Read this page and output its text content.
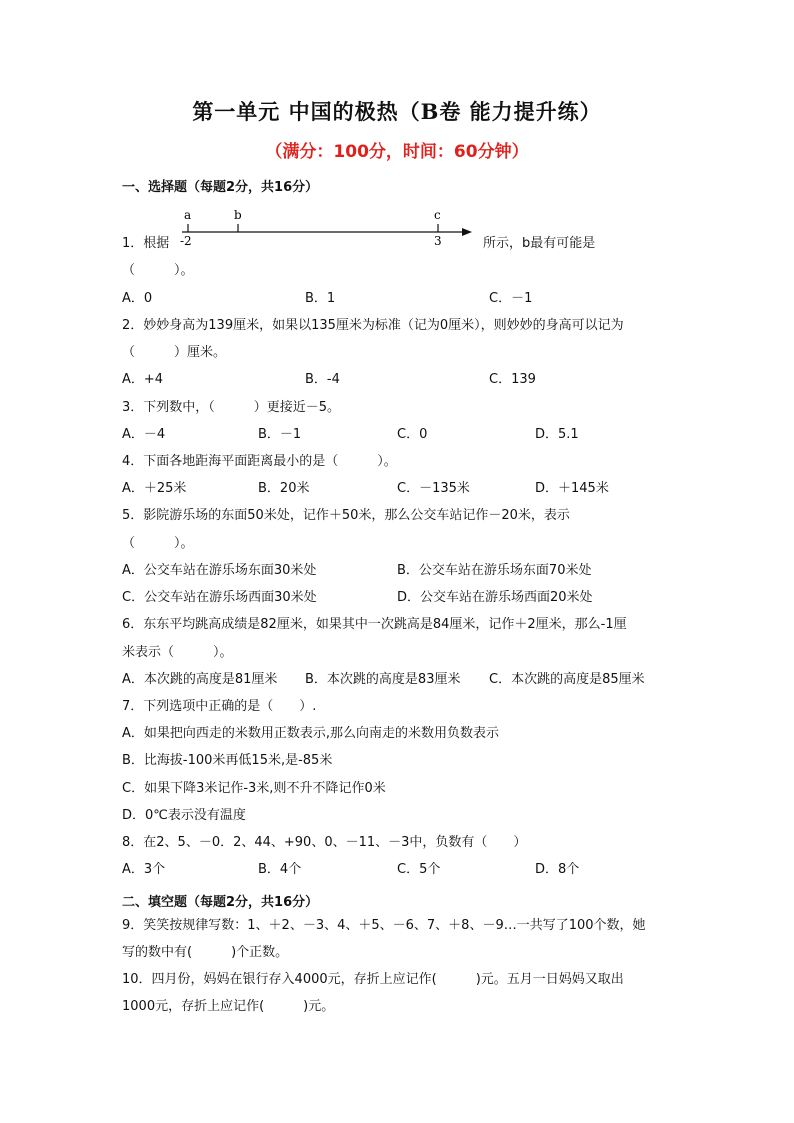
第一单元 中国的极热（B卷 能力提升练）
（满分：100分，时间：60分钟）
一、选择题（每题2分，共16分）
a	b	c
-2	3
1．根据	所示，b最有可能是
（　　　）。
A．0	B．1	C．－1
2．妙妙身高为139厘米，如果以135厘米为标准（记为0厘米），则妙妙的身高可以记为
（　　　）厘米。
A．+4	B．-4	C．139
3．下列数中，（　　　）更接近－5。
A．－4	B．－1	C．0	D．5.1
4．下面各地距海平面距离最小的是（　　　）。
A．＋25米	B．20米	C．－135米	D．＋145米
5．影院游乐场的东面50米处，记作＋50米，那么公交车站记作－20米，表示
（　　　）。
A．公交车站在游乐场东面30米处	B．公交车站在游乐场东面70米处
C．公交车站在游乐场西面30米处	D．公交车站在游乐场西面20米处
6．东东平均跳高成绩是82厘米，如果其中一次跳高是84厘米，记作＋2厘米，那么-1厘
米表示（　　　）。
A．本次跳的高度是81厘米 B．本次跳的高度是83厘米 C．本次跳的高度是85厘米
7．下列选项中正确的是（　　）.
A．如果把向西走的米数用正数表示,那么向南走的米数用负数表示
B．比海拔-100米再低15米,是-85米
C．如果下降3米记作-3米,则不升不降记作0米
D．0℃表示没有温度
8．在2、5、－0．2、44、+90、0、－11、－3中，负数有（　　）
A．3个	B．4个	C．5个	D．8个
二、填空题（每题2分，共16分）
9．笑笑按规律写数：1、＋2、－3、4、＋5、－6、7、＋8、－9…一共写了100个数，她
写的数中有(　　　)个正数。
10．四月份，妈妈在银行存入4000元，存折上应记作(　　　)元。五月一日妈妈又取出
1000元，存折上应记作(　　　)元。
